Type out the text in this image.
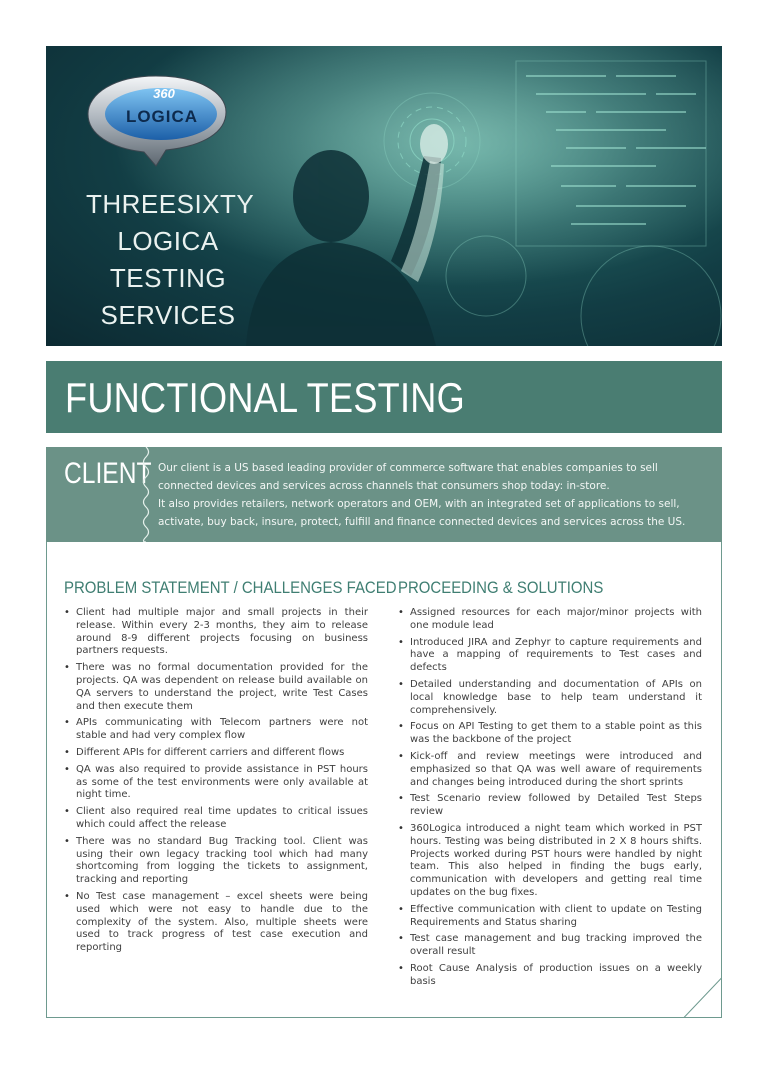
360
LOGICA
THREESIXTY
LOGICA TESTING
SERVICES
FUNCTIONAL TESTING
CLIENT Our client is a US based leading provider of commerce software that enables companies to sell connected devices and services across channels that consumers shop today: in-store.

It also provides retailers, network operators and OEM, with an integrated set of applications to sell, activate, buy back, insure, protect, fulfill and finance connected devices and services across the US.

PROBLEM STATEMENT / CHALLENGES FACED
• Client had multiple major and small projects in their release. Within every 2-3 months, they aim to release around 8-9 different projects focusing on business partners requests.
• There was no formal documentation provided for the projects. QA was dependent on release build available on QA servers to understand the project, write Test Cases and then execute them
• APIs communicating with Telecom partners were not stable and had very complex flow
• Different APIs for different carriers and different flows
• QA was also required to provide assistance in PST hours as some of the test environments were only available at night time.
• Client also required real time updates to critical issues which could affect the release
• There was no standard Bug Tracking tool. Client was using their own legacy tracking tool which had many shortcoming from logging the tickets to assignment, tracking and reporting
• No Test case management – excel sheets were being used which were not easy to handle due to the complexity of the system. Also, multiple sheets were used to track progress of test case execution and reporting
PROCEEDING & SOLUTIONS
• Assigned resources for each major/minor projects with one module lead
• Introduced JIRA and Zephyr to capture requirements and have a mapping of requirements to Test cases and defects
• Detailed understanding and documentation of APIs on local knowledge base to help team understand it comprehensively.
• Focus on API Testing to get them to a stable point as this was the backbone of the project
• Kick-off and review meetings were introduced and emphasized so that QA was well aware of requirements and changes being introduced during the short sprints
• Test Scenario review followed by Detailed Test Steps review
• 360Logica introduced a night team which worked in PST hours. Testing was being distributed in 2 X 8 hours shifts. Projects worked during PST hours were handled by night team. This also helped in finding the bugs early, communication with developers and getting real time updates on the bug fixes.
• Effective communication with client to update on Testing Requirements and Status sharing
• Test case management and bug tracking improved the overall result
• Root Cause Analysis of production issues on a weekly basis
